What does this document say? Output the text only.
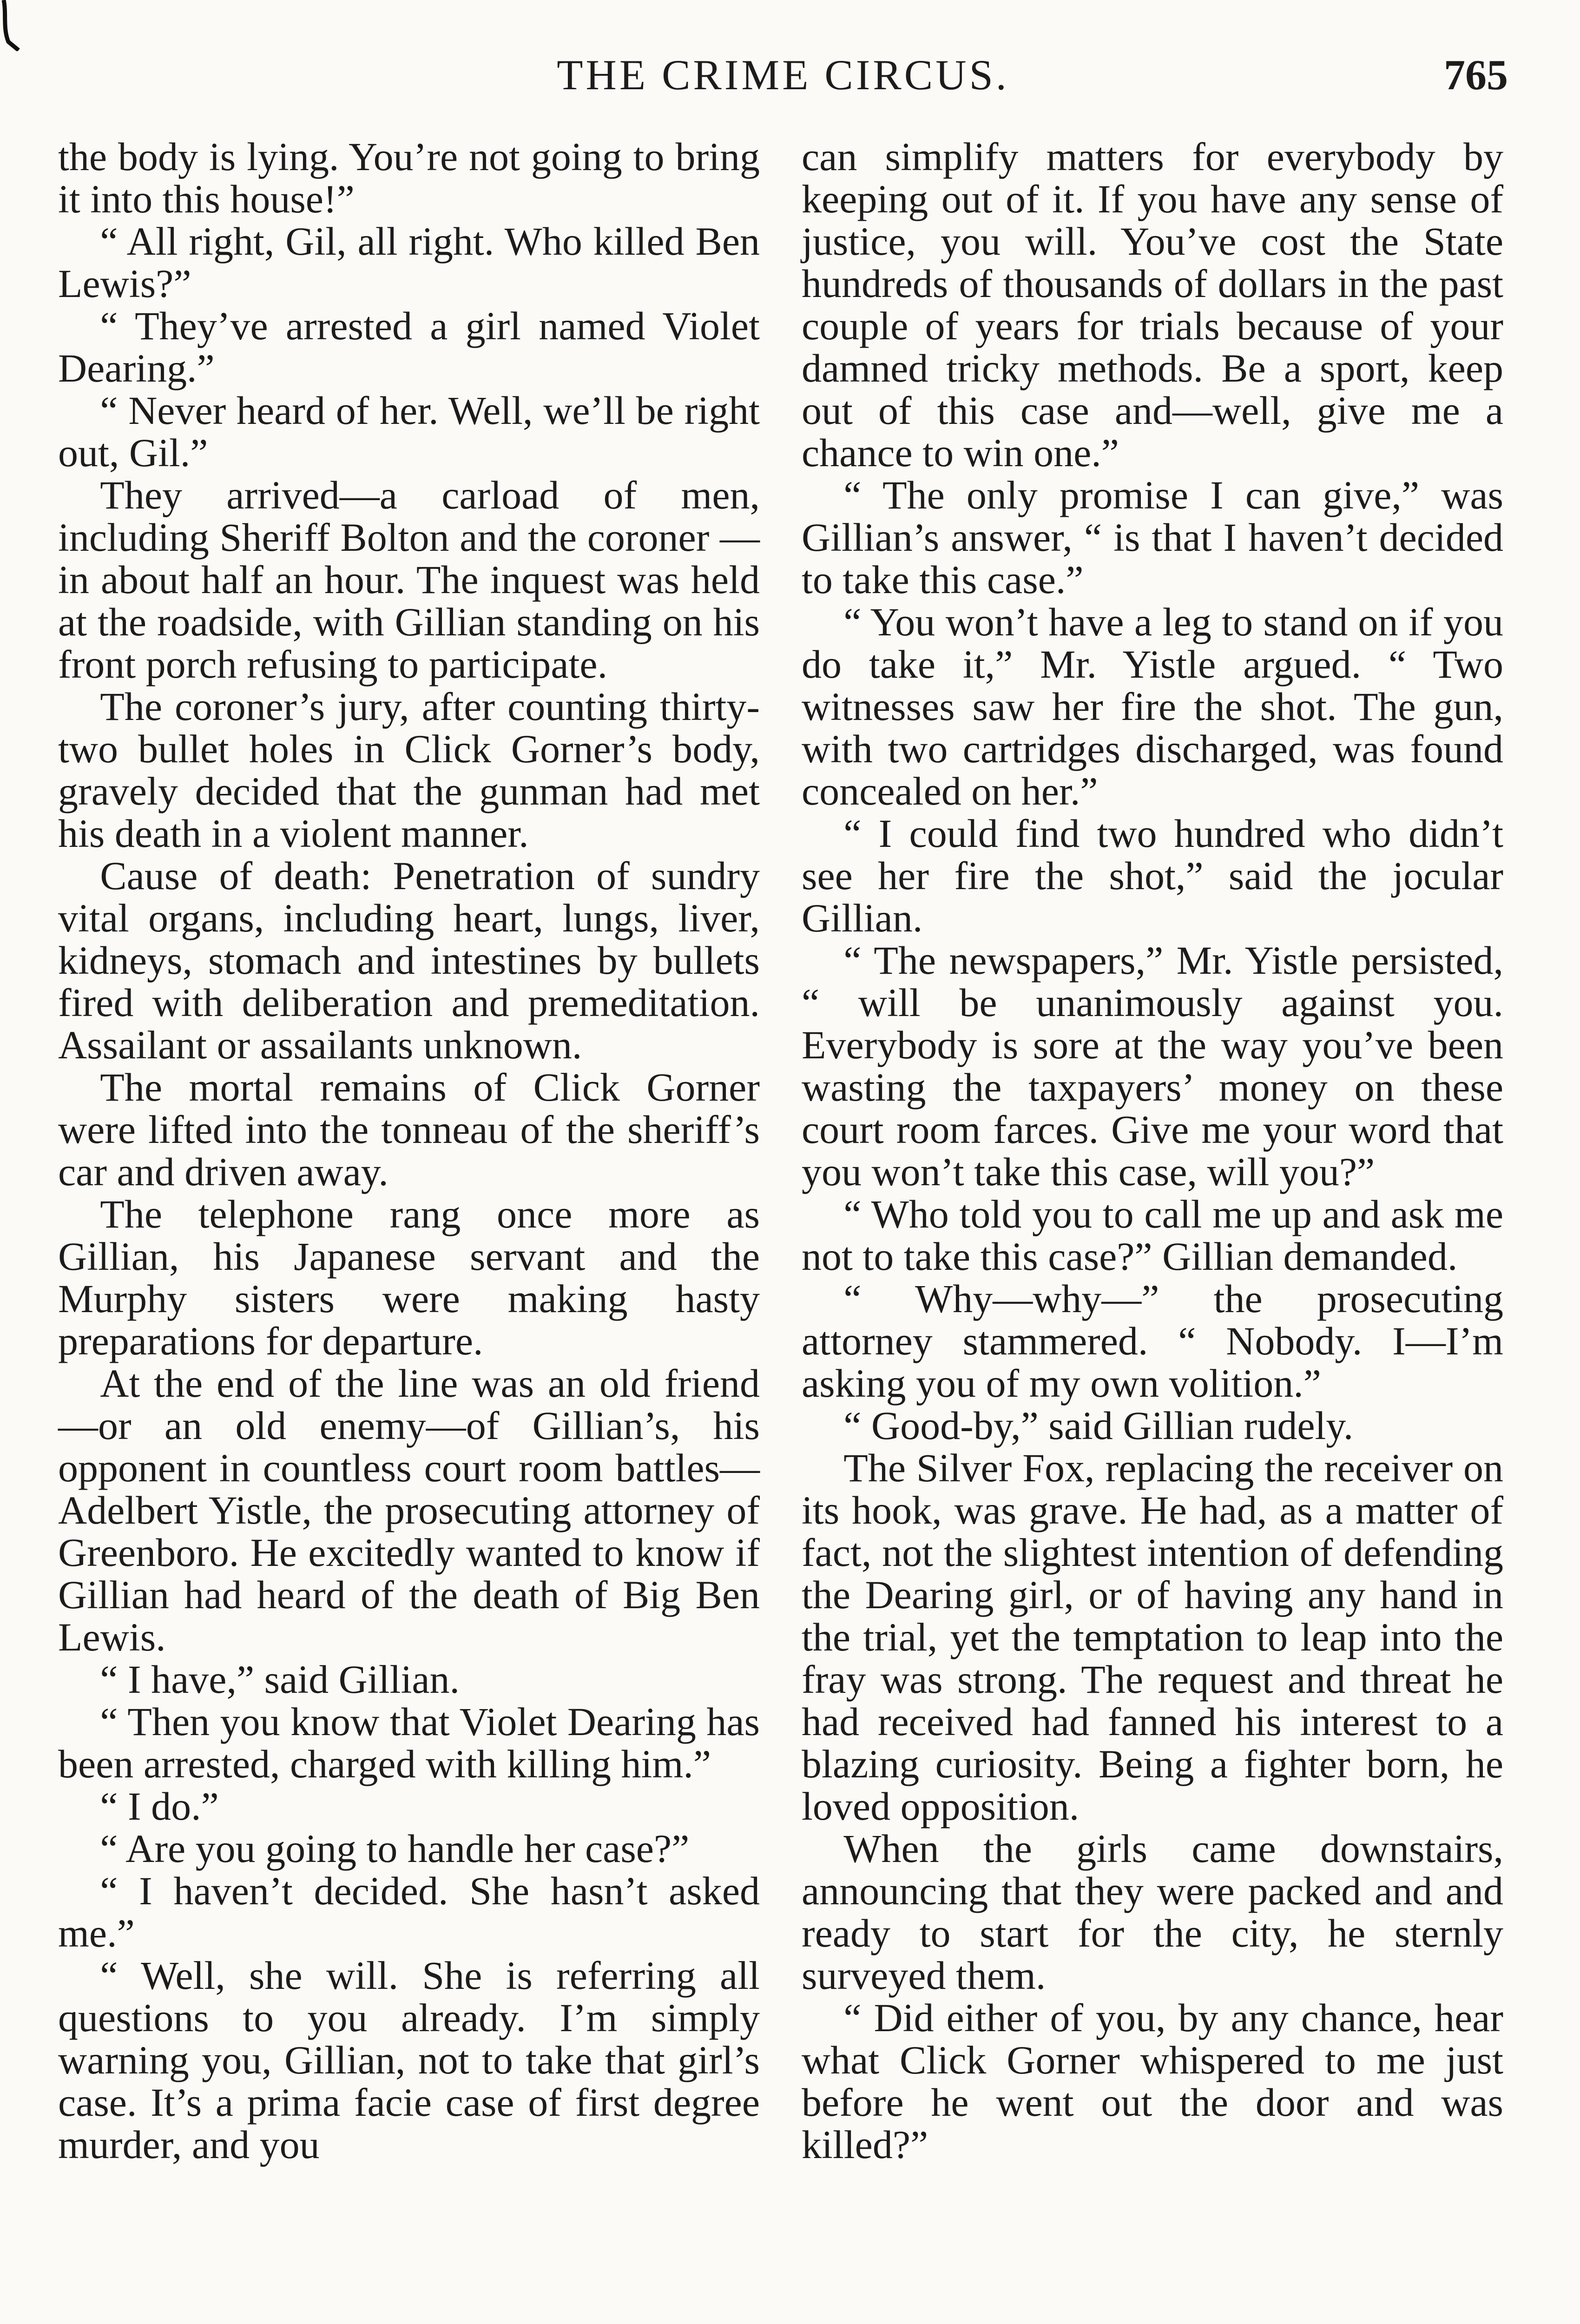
THE CRIME CIRCUS.	765

the body is lying. You’re not going to bring it into this house!”

“ All right, Gil, all right. Who killed Ben Lewis?”

“ They’ve arrested a girl named Violet Dearing.”

“ Never heard of her. Well, we’ll be right out, Gil.”

They arrived—a carload of men, including Sheriff Bolton and the coroner —in about half an hour. The inquest was held at the roadside, with Gillian standing on his front porch refusing to participate.

The coroner’s jury, after counting thirty-two bullet holes in Click Gorner’s body, gravely decided that the gunman had met his death in a violent manner.

Cause of death: Penetration of sundry vital organs, including heart, lungs, liver, kidneys, stomach and intestines by bullets fired with deliberation and premeditation. Assailant or assailants unknown.

The mortal remains of Click Gorner were lifted into the tonneau of the sheriff’s car and driven away.

The telephone rang once more as Gillian, his Japanese servant and the Murphy sisters were making hasty preparations for departure.

At the end of the line was an old friend—or an old enemy—of Gillian’s, his opponent in countless court room battles—Adelbert Yistle, the prosecuting attorney of Greenboro. He excitedly wanted to know if Gillian had heard of the death of Big Ben Lewis.

“ I have,” said Gillian.

“ Then you know that Violet Dearing has been arrested, charged with killing him.”

“ I do.”

“ Are you going to handle her case?”

“ I haven’t decided. She hasn’t asked me.”

“ Well, she will. She is referring all questions to you already. I’m simply warning you, Gillian, not to take that girl’s case. It’s a prima facie case of first degree murder, and you

can simplify matters for everybody by keeping out of it. If you have any sense of justice, you will. You’ve cost the State hundreds of thousands of dollars in the past couple of years for trials because of your damned tricky methods. Be a sport, keep out of this case and—well, give me a chance to win one.”

“ The only promise I can give,” was Gillian’s answer, “ is that I haven’t decided to take this case.”

“ You won’t have a leg to stand on if you do take it,” Mr. Yistle argued. “ Two witnesses saw her fire the shot. The gun, with two cartridges discharged, was found concealed on her.”

“ I could find two hundred who didn’t see her fire the shot,” said the jocular Gillian.

“ The newspapers,” Mr. Yistle persisted, “ will be unanimously against you. Everybody is sore at the way you’ve been wasting the taxpayers’ money on these court room farces. Give me your word that you won’t take this case, will you?”

“ Who told you to call me up and ask me not to take this case?” Gillian demanded.

“ Why—why—” the prosecuting attorney stammered. “ Nobody. I—I’m asking you of my own volition.”

“ Good-by,” said Gillian rudely.

The Silver Fox, replacing the receiver on its hook, was grave. He had, as a matter of fact, not the slightest intention of defending the Dearing girl, or of having any hand in the trial, yet the temptation to leap into the fray was strong. The request and threat he had received had fanned his interest to a blazing curiosity. Being a fighter born, he loved opposition.

When the girls came downstairs, announcing that they were packed and and ready to start for the city, he sternly surveyed them.

“ Did either of you, by any chance, hear what Click Gorner whispered to me just before he went out the door and was killed?”
